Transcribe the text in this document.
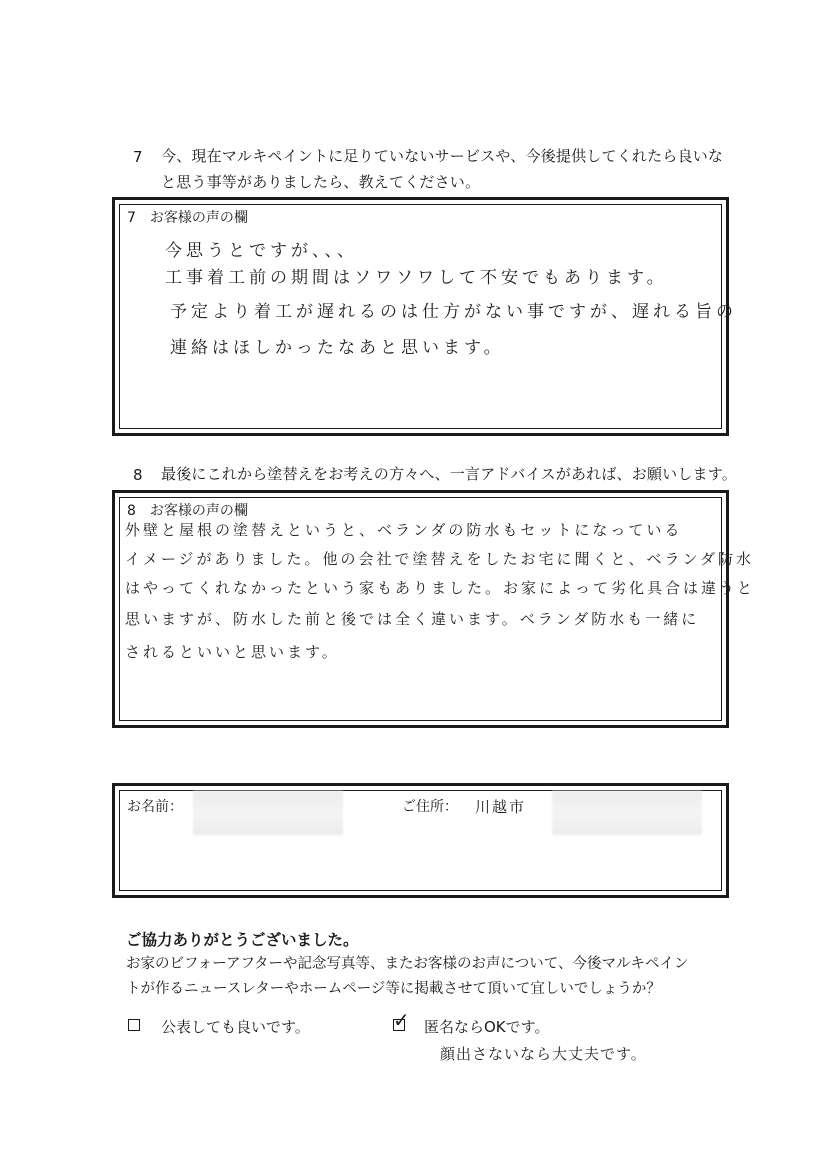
7 今、現在マルキペイントに足りていないサービスや、今後提供してくれたら良いな
と思う事等がありましたら、教えてください。
7　お客様の声の欄
今思うとですが、、、
工事着工前の期間はソワソワして不安でもあります。
予定より着工が遅れるのは仕方がない事ですが、遅れる旨の
連絡はほしかったなあと思います。
8 最後にこれから塗替えをお考えの方々へ、一言アドバイスがあれば、お願いします。
8　お客様の声の欄
外壁と屋根の塗替えというと、ベランダの防水もセットになっている
イメージがありました。他の会社で塗替えをしたお宅に聞くと、ベランダ防水
はやってくれなかったという家もありました。お家によって劣化具合は違うと
思いますが、防水した前と後では全く違います。ベランダ防水も一緒に
されるといいと思います。
お名前：	ご住所： 川越市
ご協力ありがとうございました。
お家のビフォーアフターや記念写真等、またお客様のお声について、今後マルキペイン
トが作るニュースレターやホームページ等に掲載させて頂いて宜しいでしょうか？
公表しても良いです。	✓ 匿名ならOKです。
顔出さないなら大丈夫です。
